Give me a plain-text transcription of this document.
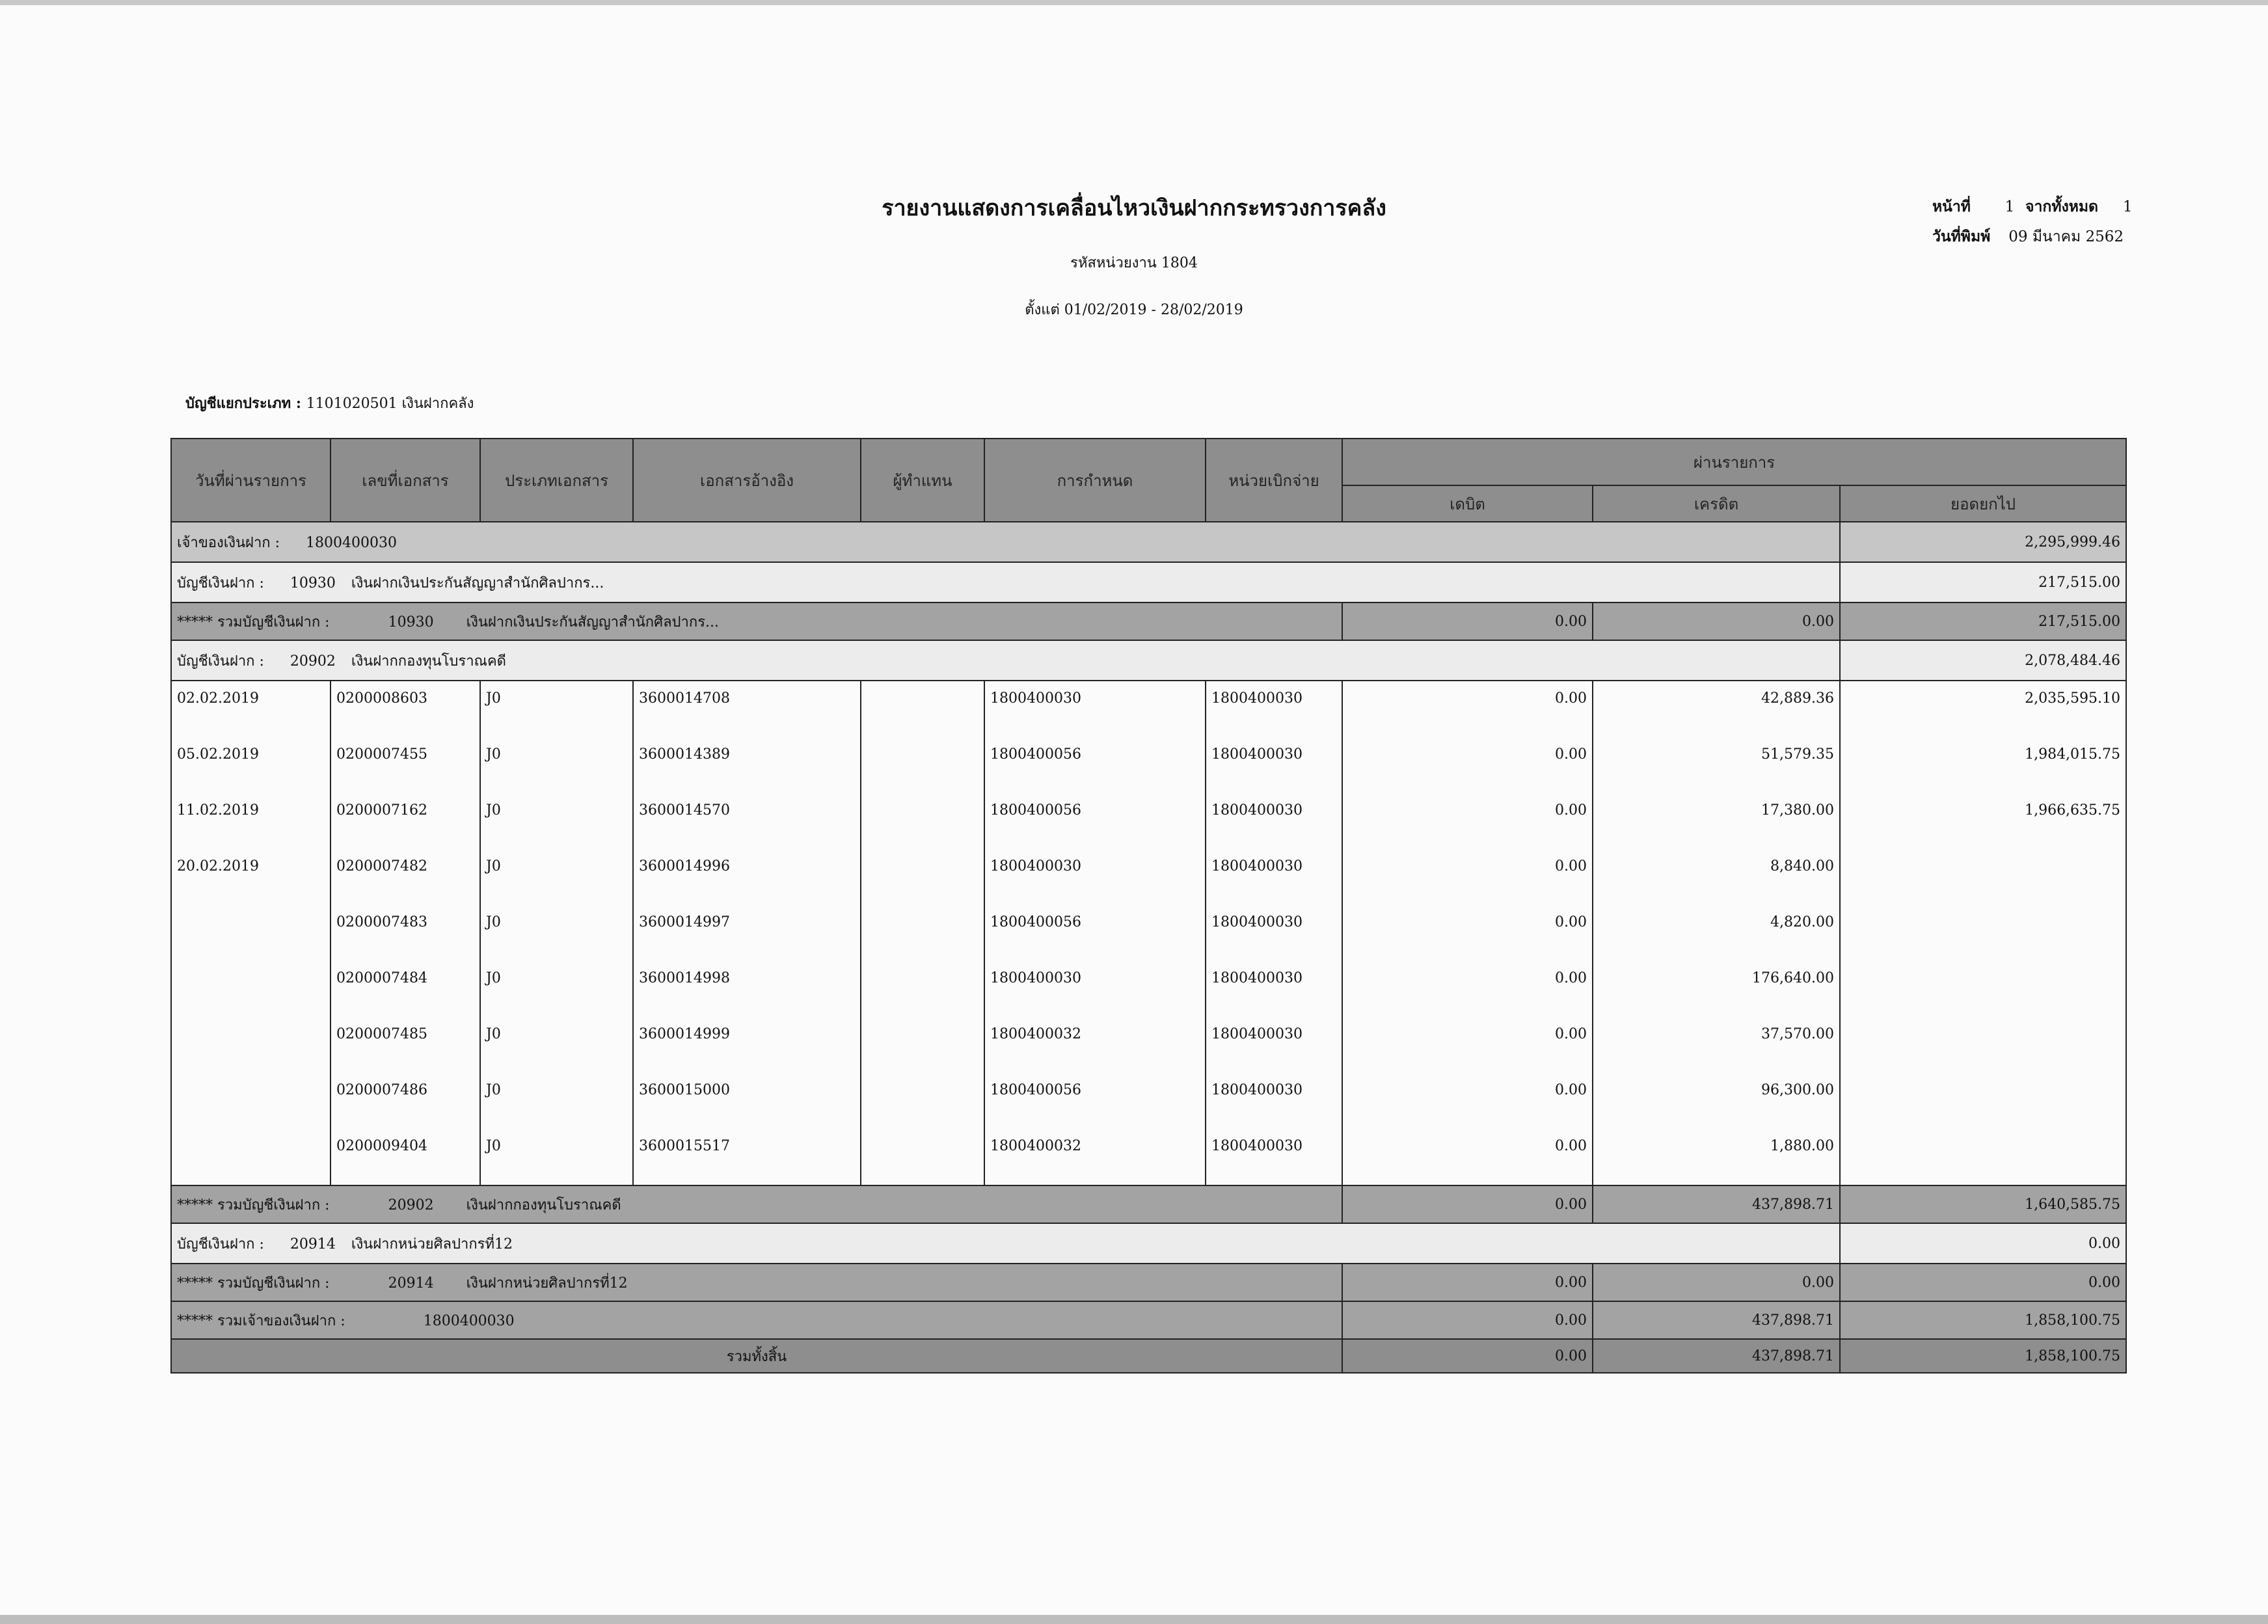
รายงานแสดงการเคลื่อนไหวเงินฝากกระทรวงการคลัง
รหัสหน่วยงาน 1804
ตั้งแต่ 01/02/2019 - 28/02/2019
หน้าที่ 1 จากทั้งหมด 1
วันที่พิมพ์ 09 มีนาคม 2562
บัญชีแยกประเภท : 1101020501 เงินฝากคลัง
วันที่ผ่านรายการ	เลขที่เอกสาร	ประเภทเอกสาร	เอกสารอ้างอิง	ผู้ทำแทน	การกำหนด	หน่วยเบิกจ่าย	ผ่านรายการ		
							เดบิต	เครดิต	ยอดยกไป
เจ้าของเงินฝาก : 1800400030									2,295,999.46
บัญชีเงินฝาก : 10930 เงินฝากเงินประกันสัญญาสำนักศิลปากร...									217,515.00
***** รวมบัญชีเงินฝาก : 10930 เงินฝากเงินประกันสัญญาสำนักศิลปากร...							0.00	0.00	217,515.00
บัญชีเงินฝาก : 20902 เงินฝากกองทุนโบราณคดี									2,078,484.46
02.02.2019	0200008603	J0	3600014708		1800400030	1800400030	0.00	42,889.36	2,035,595.10
05.02.2019	0200007455	J0	3600014389		1800400056	1800400030	0.00	51,579.35	1,984,015.75
11.02.2019	0200007162	J0	3600014570		1800400056	1800400030	0.00	17,380.00	1,966,635.75
20.02.2019	0200007482	J0	3600014996		1800400030	1800400030	0.00	8,840.00	
	0200007483	J0	3600014997		1800400056	1800400030	0.00	4,820.00	
	0200007484	J0	3600014998		1800400030	1800400030	0.00	176,640.00	
	0200007485	J0	3600014999		1800400032	1800400030	0.00	37,570.00	
	0200007486	J0	3600015000		1800400056	1800400030	0.00	96,300.00	
	0200009404	J0	3600015517		1800400032	1800400030	0.00	1,880.00	
***** รวมบัญชีเงินฝาก : 20902 เงินฝากกองทุนโบราณคดี							0.00	437,898.71	1,640,585.75
บัญชีเงินฝาก : 20914 เงินฝากหน่วยศิลปากรที่12									0.00
***** รวมบัญชีเงินฝาก : 20914 เงินฝากหน่วยศิลปากรที่12							0.00	0.00	0.00
***** รวมเจ้าของเงินฝาก : 1800400030							0.00	437,898.71	1,858,100.75
รวมทั้งสิ้น							0.00	437,898.71	1,858,100.75
